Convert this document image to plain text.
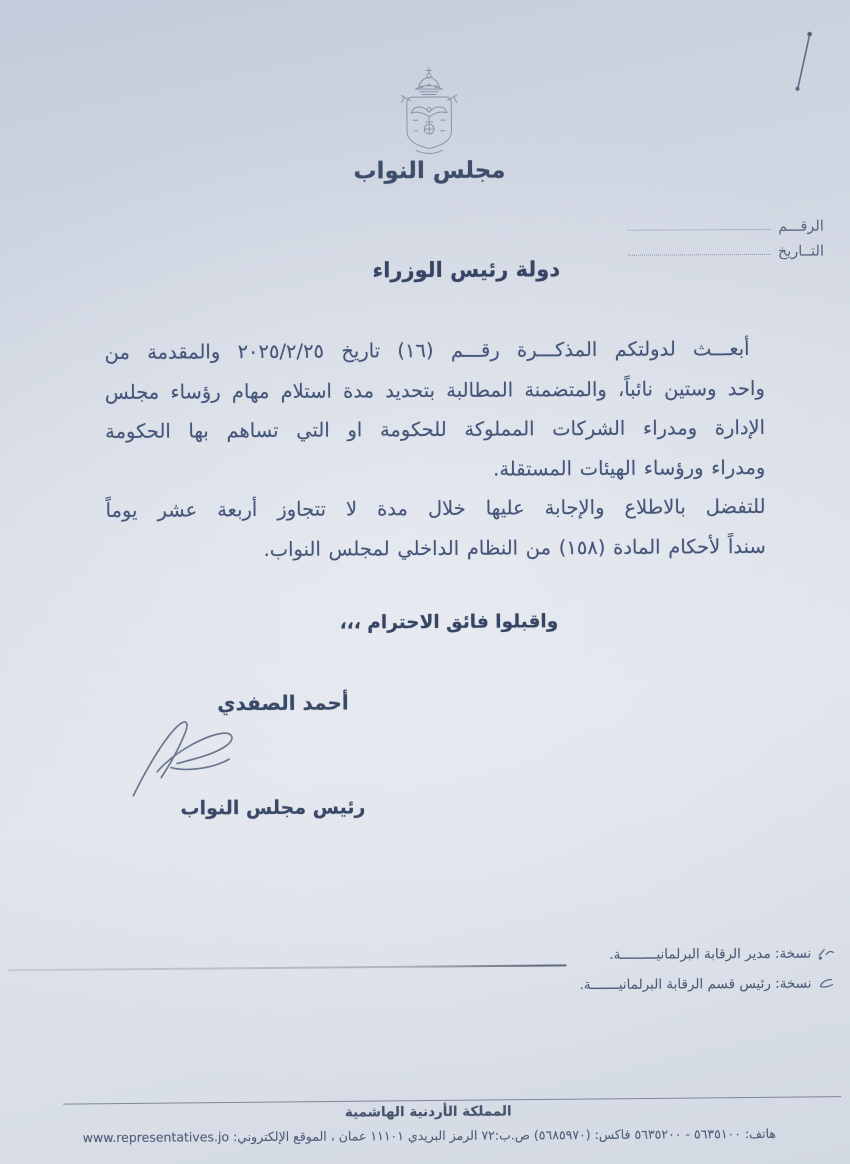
مجلس النواب
الرقـــم
التــاريخ
دولة رئيس الوزراء
أبعـــث لدولتكم المذكـــرة رقـــم (١٦) تاريخ ٢٠٢٥/٢/٢٥ والمقدمة من
واحد وستين نائباً، والمتضمنة المطالبة بتحديد مدة استلام مهام رؤساء مجلس
الإدارة ومدراء الشركات المملوكة للحكومة او التي تساهم بها الحكومة
ومدراء ورؤساء الهيئات المستقلة.
للتفضل بالاطلاع والإجابة عليها خلال مدة لا تتجاوز أربعة عشر يوماً
سنداً لأحكام المادة (١٥٨) من النظام الداخلي لمجلس النواب.
واقبلوا فائق الاحترام ،،،
أحمد الصفدي
رئيس مجلس النواب
نسخة: مدير الرقابة البرلمانيـــــــــة.
نسخة: رئيس قسم الرقابة البرلمانيـــــــة.
المملكة الأردنية الهاشمية
هاتف: ٥٦٣٥١٠٠ - ٥٦٣٥٢٠٠ فاكس: (٥٦٨٥٩٧٠) ص.ب:٧٢ الرمز البريدي ١١١٠١ عمان ، الموقع الإلكتروني: www.representatives.jo
